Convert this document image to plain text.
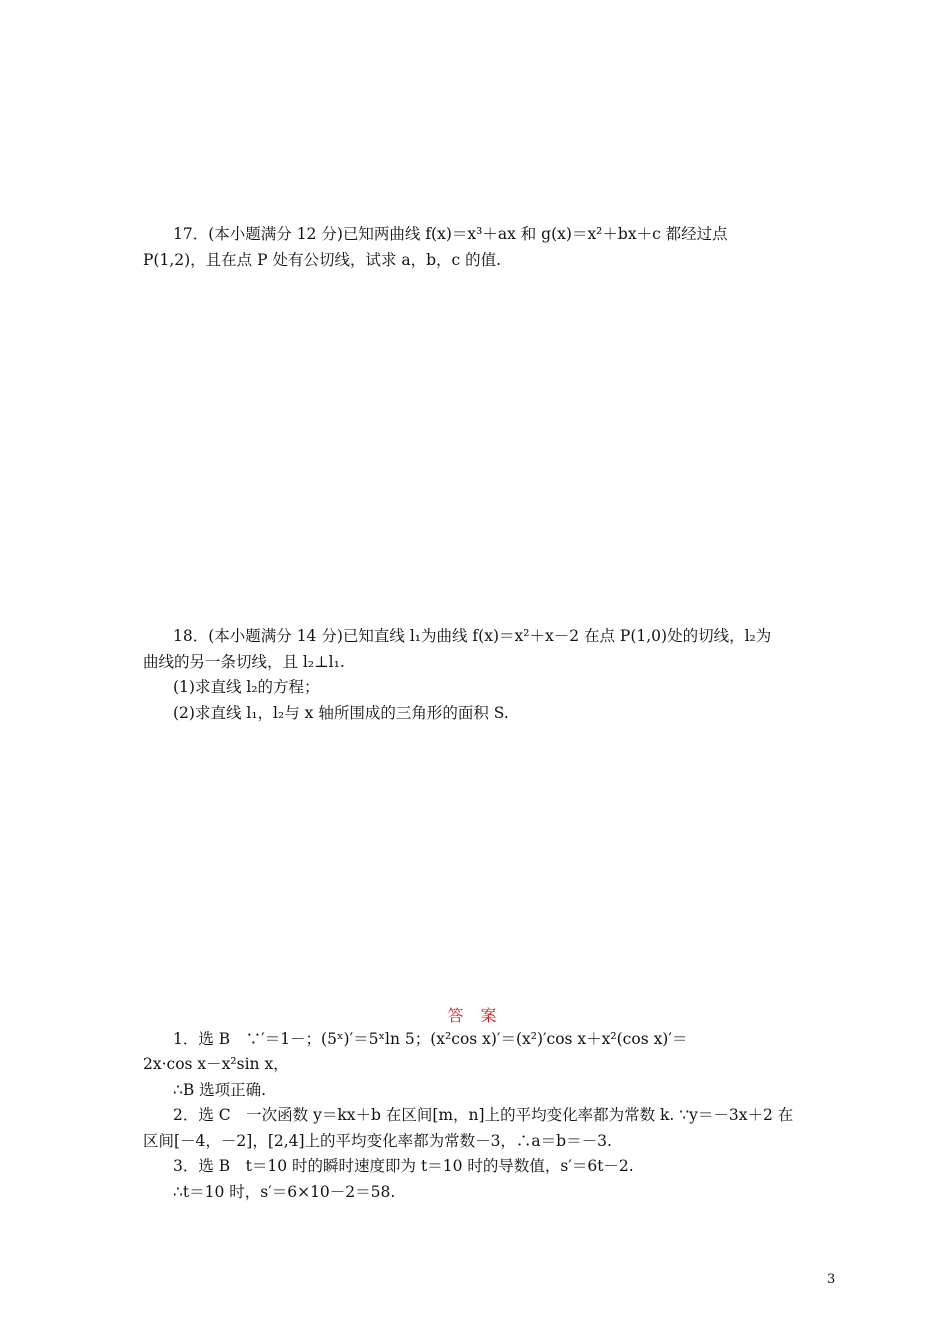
17．(本小题满分 12 分)已知两曲线 f(x)＝x³＋ax 和 g(x)＝x²＋bx＋c 都经过点
P(1,2)，且在点 P 处有公切线，试求 a，b，c 的值.
18．(本小题满分 14 分)已知直线 l₁为曲线 f(x)＝x²＋x－2 在点 P(1,0)处的切线，l₂为
曲线的另一条切线，且 l₂⊥l₁.
(1)求直线 l₂的方程；
(2)求直线 l₁，l₂与 x 轴所围成的三角形的面积 S.
答 案
1．选 B　∵′＝1－；(5ˣ)′＝5ˣln 5；(x²cos x)′＝(x²)′cos x＋x²(cos x)′＝
2x·cos x－x²sin x，
∴B 选项正确.
2．选 C　一次函数 y＝kx＋b 在区间[m，n]上的平均变化率都为常数 k. ∵y＝－3x＋2 在
区间[－4，－2]，[2,4]上的平均变化率都为常数－3，∴a＝b＝－3.
3．选 B　t＝10 时的瞬时速度即为 t＝10 时的导数值，s′＝6t－2.
∴t＝10 时，s′＝6×10－2＝58.
3
